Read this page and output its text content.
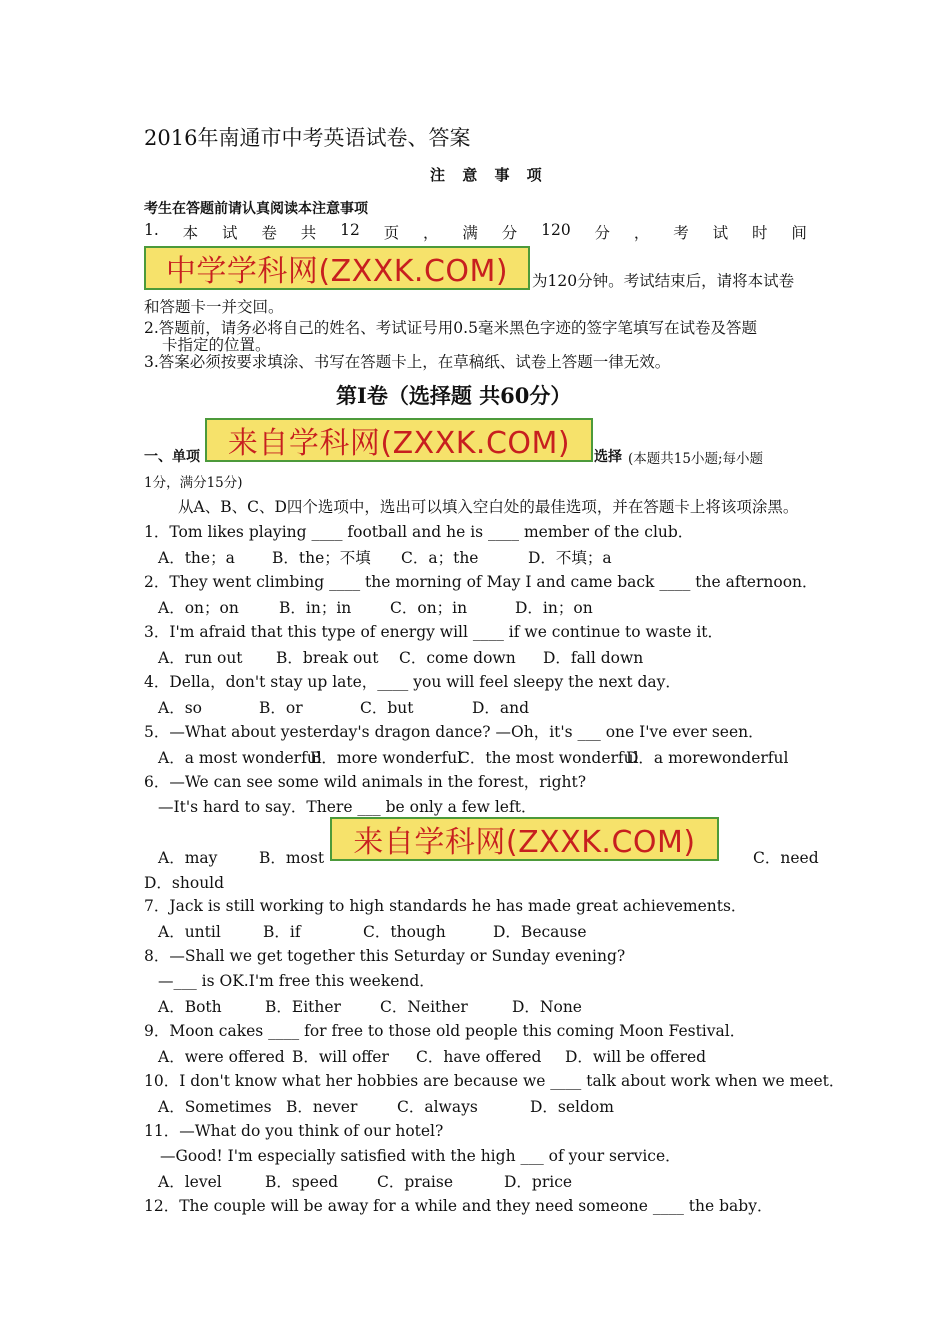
2016年南通市中考英语试卷、答案
注 意 事 项
考生在答题前请认真阅读本注意事项
1. 本 试 卷 共 12 页 ， 满 分 120 分 ， 考 试 时 间
中学学科网(ZXXK.COM) 为120分钟。考试结束后，请将本试卷
和答题卡一并交回。
2.答题前，请务必将自己的姓名、考试证号用0.5毫米黑色字迹的签字笔填写在试卷及答题
卡指定的位置。
3.答案必须按要求填涂、书写在答题卡上，在草稿纸、试卷上答题一律无效。
第Ⅰ卷（选择题 共60分）
一、单项 来自学科网(ZXXK.COM) 选择 (本题共15小题;每小题
1分，满分15分)
从A、B、C、D四个选项中，选出可以填入空白处的最佳选项，并在答题卡上将该项涂黑。
1．Tom likes playing ____ football and he is ____ member of the club．
A．the；a B．the；不填 C．a；the	D．不填；a
2．They went climbing ____ the morning of May I and came back ____ the afternoon．
A．on；on	B．in；in C．on；in	D．in；on
3．I'm afraid that this type of energy will ____ if we continue to waste it．
A．run out B．break out C．come down D．fall down
4．Della，don't stay up late，____ you will feel sleepy the next day．
A．so	B．or	C．but	D．and
5．—What about yesterday's dragon dance? —Oh，it's ___ one I've ever seen．
A．a most wonderful
B．more wonderful
C．the most wonderful
D．a morewonderful
6．—We can see some wild animals in the forest，right?
—It's hard to say．There ___ be only a few left．
来自学科网(ZXXK.COM)
A．may	B．most	C．need
D．should
7．Jack is still working to high standards he has made great achievements．
A．until	B．if	C．though	D．Because
8．—Shall we get together this Seturday or Sunday evening?
—___ is OK.I'm free this weekend．
A．Both	B．Either	C．Neither	D．None
9．Moon cakes ____ for free to those old people this coming Moon Festival．
A．were offered B．will offer C．have offered D．will be offered
10．I don't know what her hobbies are because we ____ talk about work when we meet．
A．Sometimes B．never	C．always	D．seldom
11．—What do you think of our hotel?
—Good! I'm especially satisfied with the high ___ of your service．
A．level	B．speed	C．praise	D．price
12．The couple will be away for a while and they need someone ____ the baby．
